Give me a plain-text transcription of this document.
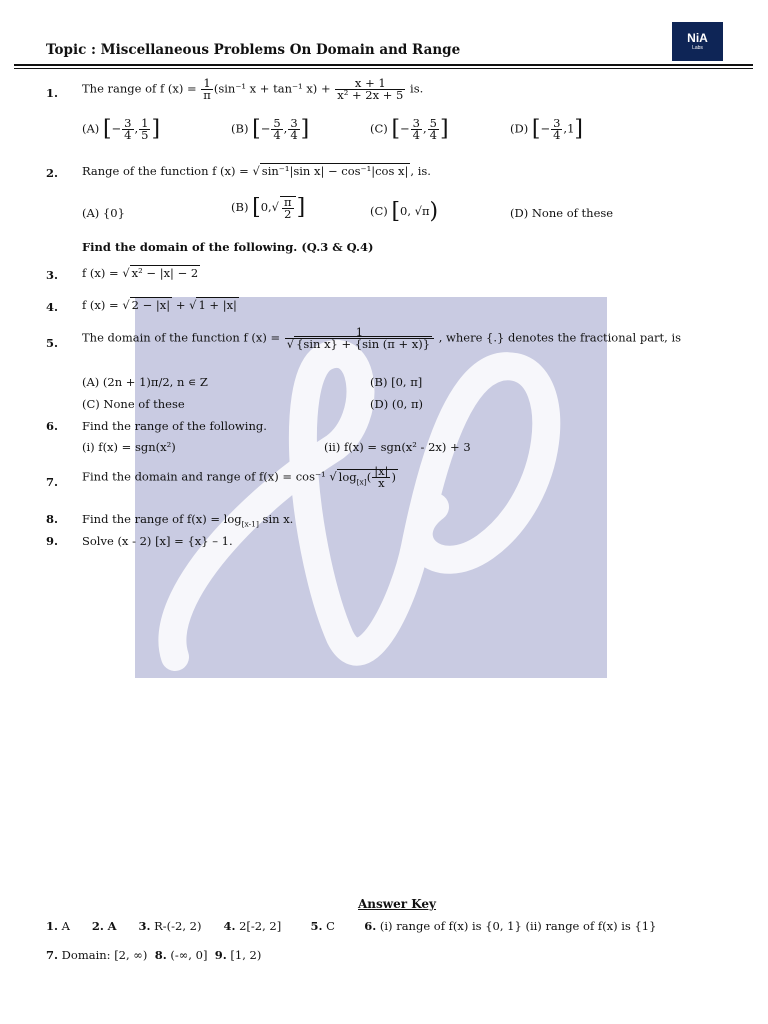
Topic : Miscellaneous Problems On Domain and Range
NiA
Labs
1. The range of f $(x) = \frac{1}{\pi} (\sin^{-1}$ x + tan⁻¹ $x) + \frac{x + 1}{\text{x² + 2x + 5}}$ is.
(A) [− $\frac{3}{4}$ , $\frac{1}{5}$ ]	(B) [− $\frac{5}{4}$ , $\frac{3}{4}$ ]	(C) [− $\frac{3}{4}$ , $\frac{5}{4}$ ]	(D) [− $\frac{3}{4} ,1$]
2. Range of the function f (x) = √ sin⁻¹|sin x| − cos⁻¹|cos x| , is.
(A) {0}	(B) [$0,√ \frac{\pi}{2}$ ]	(C) [0, √π)	(D) None of these
Find the domain of the following. (Q.3 & Q.4)
3. f (x) = √ x² − |x| − 2
4. f (x) = √ 2 − |x| + √ 1 + |x|
5. The domain of the function f $(x) = \frac{1}{\text{√ \{sin x\} + \{sin (π + x)\}}}$ , where {.} denotes the fractional part, is
(A) (2n + 1)π/2, n ∊ Z	(B) [0, π]
(C) None of these	(D) (0, π)
6. Find the range of the following.
(i) f(x) = sgn(x²)	(ii) f(x) = sgn(x² - 2x) + 3
7. Find the domain and range of f(x) = cos⁻¹ √ $\log_{[x]}( \frac{|x|}{x}$ )
8. Find the range of $f(x) = \log_{[x-1]} \sin x$.
9. Solve (x - 2) [x] = {x} – 1.
Answer Key
1. A 2. A 3. R-(-2, 2) 4. 2[-2, 2]	5. C	6. (i) range of f(x) is {0, 1} (ii) range of f(x) is {1}
7. Domain: [2, ∞) 8. (-∞, 0] 9. [1, 2)
